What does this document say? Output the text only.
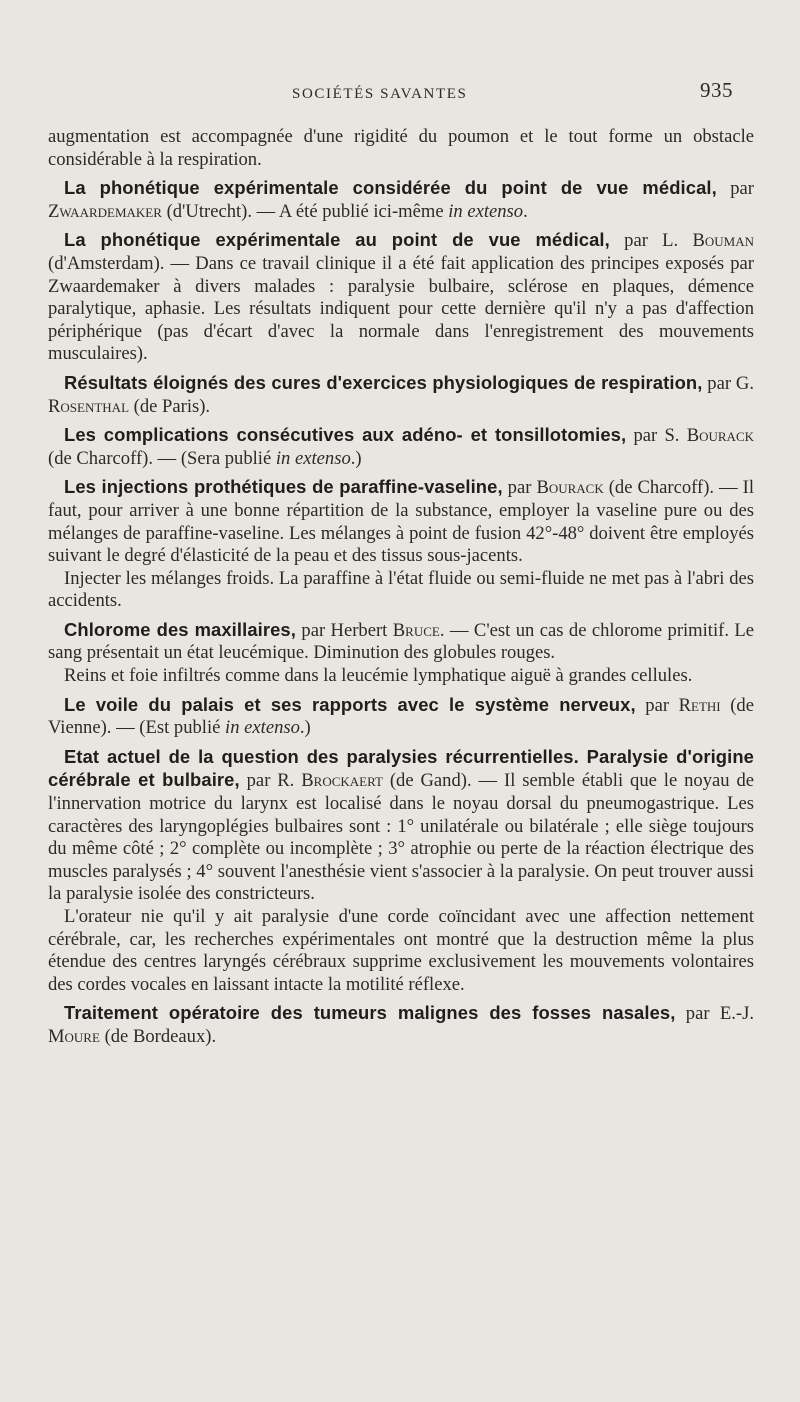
SOCIÉTÉS SAVANTES	935

augmentation est accompagnée d'une rigidité du poumon et le tout forme un obstacle considérable à la respiration.

La phonétique expérimentale considérée du point de vue médical, par Zwaardemaker (d'Utrecht). — A été publié ici-même in extenso.

La phonétique expérimentale au point de vue médical, par L. Bouman (d'Amsterdam). — Dans ce travail clinique il a été fait application des principes exposés par Zwaardemaker à divers malades : paralysie bulbaire, sclérose en plaques, démence paralytique, aphasie. Les résultats indiquent pour cette dernière qu'il n'y a pas d'affection périphérique (pas d'écart d'avec la normale dans l'enregistrement des mouvements musculaires).

Résultats éloignés des cures d'exercices physiologiques de respiration, par G. Rosenthal (de Paris).

Les complications consécutives aux adéno- et tonsillotomies, par S. Bourack (de Charcoff). — (Sera publié in extenso.)

Les injections prothétiques de paraffine-vaseline, par Bourack (de Charcoff). — Il faut, pour arriver à une bonne répartition de la substance, employer la vaseline pure ou des mélanges de paraffine-vaseline. Les mélanges à point de fusion 42°-48° doivent être employés suivant le degré d'élasticité de la peau et des tissus sous-jacents.

Injecter les mélanges froids. La paraffine à l'état fluide ou semi-fluide ne met pas à l'abri des accidents.

Chlorome des maxillaires, par Herbert Bruce. — C'est un cas de chlorome primitif. Le sang présentait un état leucémique. Diminution des globules rouges.

Reins et foie infiltrés comme dans la leucémie lymphatique aiguë à grandes cellules.

Le voile du palais et ses rapports avec le système nerveux, par Rethi (de Vienne). — (Est publié in extenso.)

Etat actuel de la question des paralysies récurrentielles. Paralysie d'origine cérébrale et bulbaire, par R. Brockaert (de Gand). — Il semble établi que le noyau de l'innervation motrice du larynx est localisé dans le noyau dorsal du pneumogastrique. Les caractères des laryngoplégies bulbaires sont : 1° unilatérale ou bilatérale ; elle siège toujours du même côté ; 2° complète ou incomplète ; 3° atrophie ou perte de la réaction électrique des muscles paralysés ; 4° souvent l'anesthésie vient s'associer à la paralysie. On peut trouver aussi la paralysie isolée des constricteurs.

L'orateur nie qu'il y ait paralysie d'une corde coïncidant avec une affection nettement cérébrale, car, les recherches expérimentales ont montré que la destruction même la plus étendue des centres laryngés cérébraux supprime exclusivement les mouvements volontaires des cordes vocales en laissant intacte la motilité réflexe.

Traitement opératoire des tumeurs malignes des fosses nasales, par E.-J. Moure (de Bordeaux).
